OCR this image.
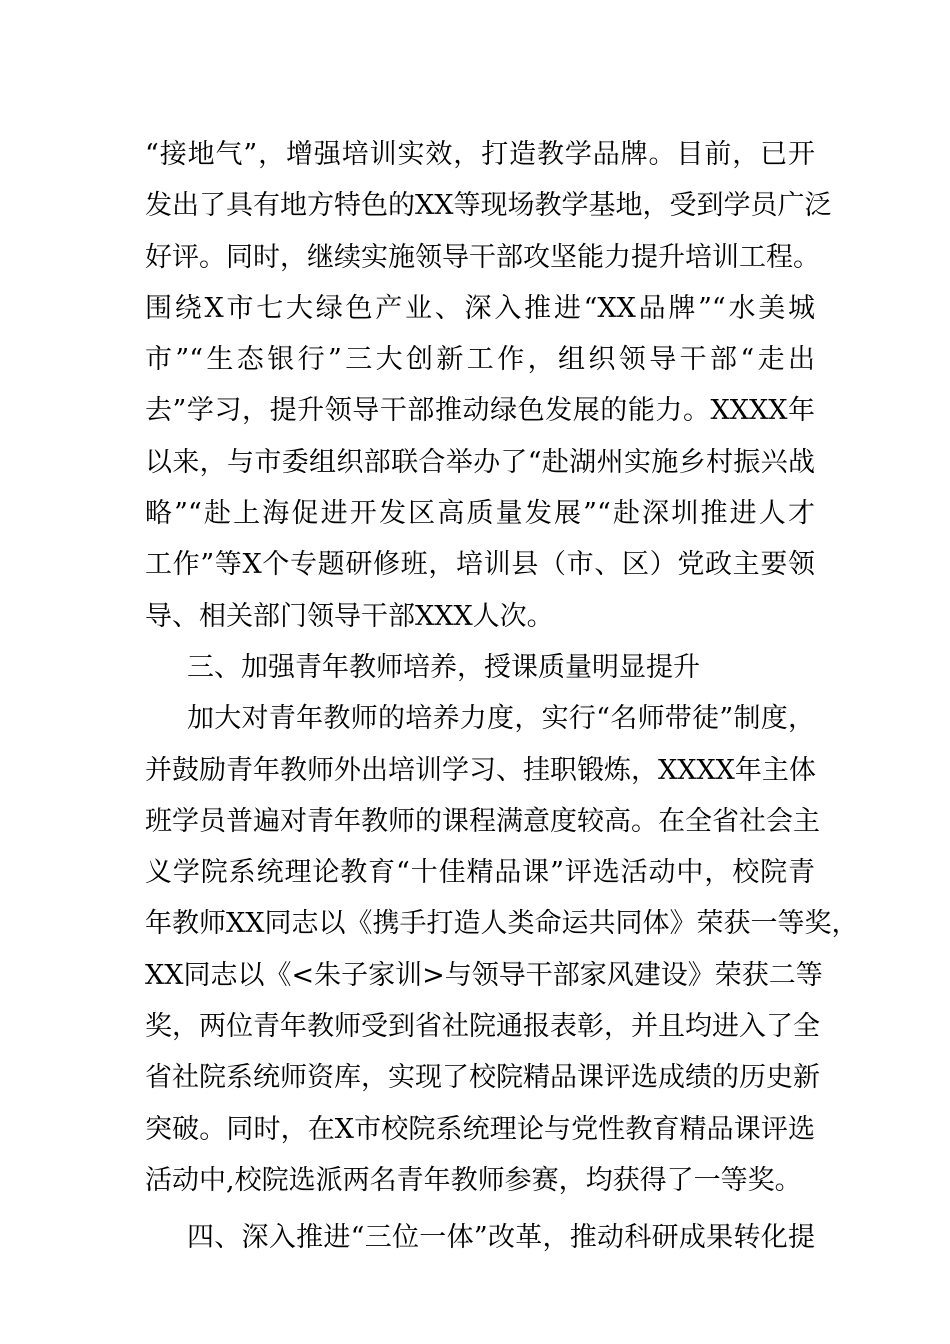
“接地气”，增强培训实效，打造教学品牌。目前，已开
发出了具有地方特色的XX等现场教学基地，受到学员广泛
好评。同时，继续实施领导干部攻坚能力提升培训工程。
围绕X市七大绿色产业、深入推进“XX品牌”“水美城
市”“生态银行”三大创新工作，组织领导干部“走出
去”学习，提升领导干部推动绿色发展的能力。XXXX年
以来，与市委组织部联合举办了“赴湖州实施乡村振兴战
略”“赴上海促进开发区高质量发展”“赴深圳推进人才
工作”等X个专题研修班，培训县（市、区）党政主要领
导、相关部门领导干部XXX人次。
三、加强青年教师培养，授课质量明显提升
加大对青年教师的培养力度，实行“名师带徒”制度，
并鼓励青年教师外出培训学习、挂职锻炼，XXXX年主体
班学员普遍对青年教师的课程满意度较高。在全省社会主
义学院系统理论教育“十佳精品课”评选活动中，校院青
年教师XX同志以《携手打造人类命运共同体》荣获一等奖，
XX同志以《<朱子家训>与领导干部家风建设》荣获二等
奖，两位青年教师受到省社院通报表彰，并且均进入了全
省社院系统师资库，实现了校院精品课评选成绩的历史新
突破。同时，在X市校院系统理论与党性教育精品课评选
活动中,校院选派两名青年教师参赛，均获得了一等奖。
四、深入推进“三位一体”改革，推动科研成果转化提
